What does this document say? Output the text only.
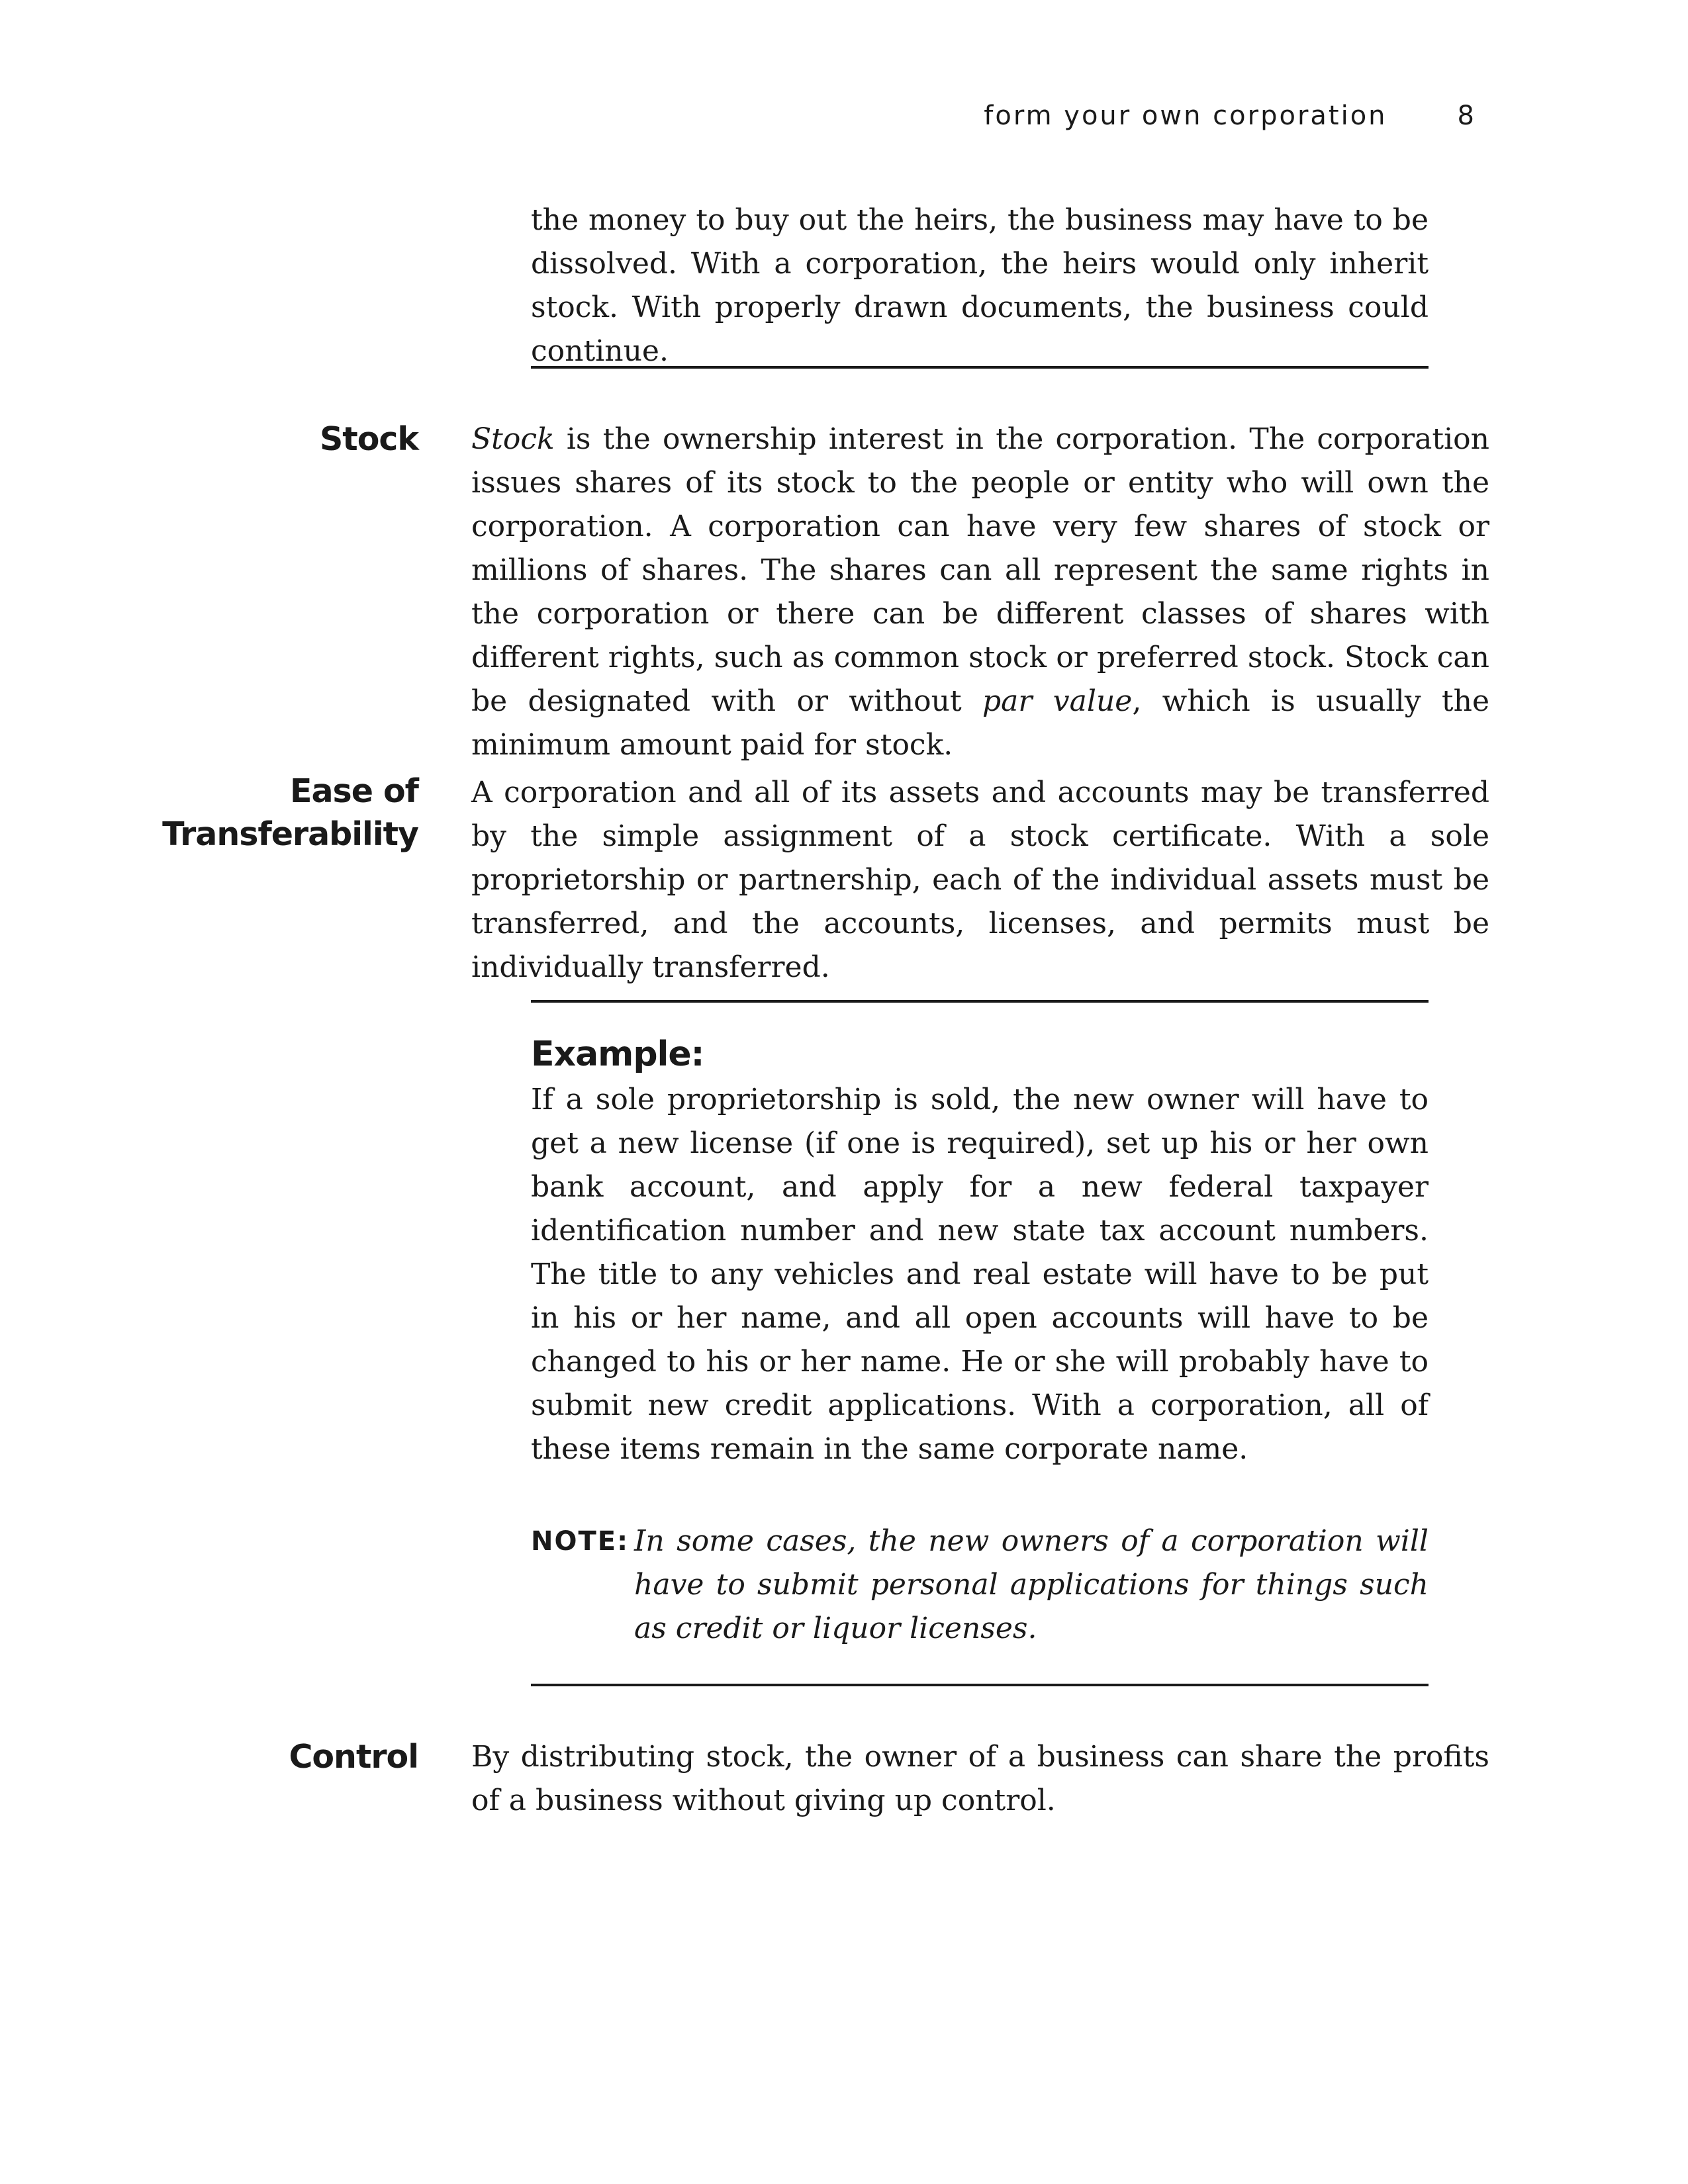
form your own corporation	8

the money to buy out the heirs, the business may have to be dissolved. With a corporation, the heirs would only inherit stock. With properly drawn documents, the business could continue.

Stock Stock is the ownership interest in the corporation. The corporation issues shares of its stock to the people or entity who will own the corporation. A corporation can have very few shares of stock or millions of shares. The shares can all represent the same rights in the corporation or there can be different classes of shares with different rights, such as common stock or preferred stock. Stock can be designated with or without par value, which is usually the minimum amount paid for stock.

Ease of
Transferability

A corporation and all of its assets and accounts may be transferred by the simple assignment of a stock certificate. With a sole proprietorship or partnership, each of the individual assets must be transferred, and the accounts, licenses, and permits must be individually transferred.

Example:

If a sole proprietorship is sold, the new owner will have to get a new license (if one is required), set up his or her own bank account, and apply for a new federal taxpayer identification number and new state tax account numbers. The title to any vehicles and real estate will have to be put in his or her name, and all open accounts will have to be changed to his or her name. He or she will probably have to submit new credit applications. With a corporation, all of these items remain in the same corporate name.

NOTE: In some cases, the new owners of a corporation will have to submit personal applications for things such as credit or liquor licenses.

Control By distributing stock, the owner of a business can share the profits of a business without giving up control.
